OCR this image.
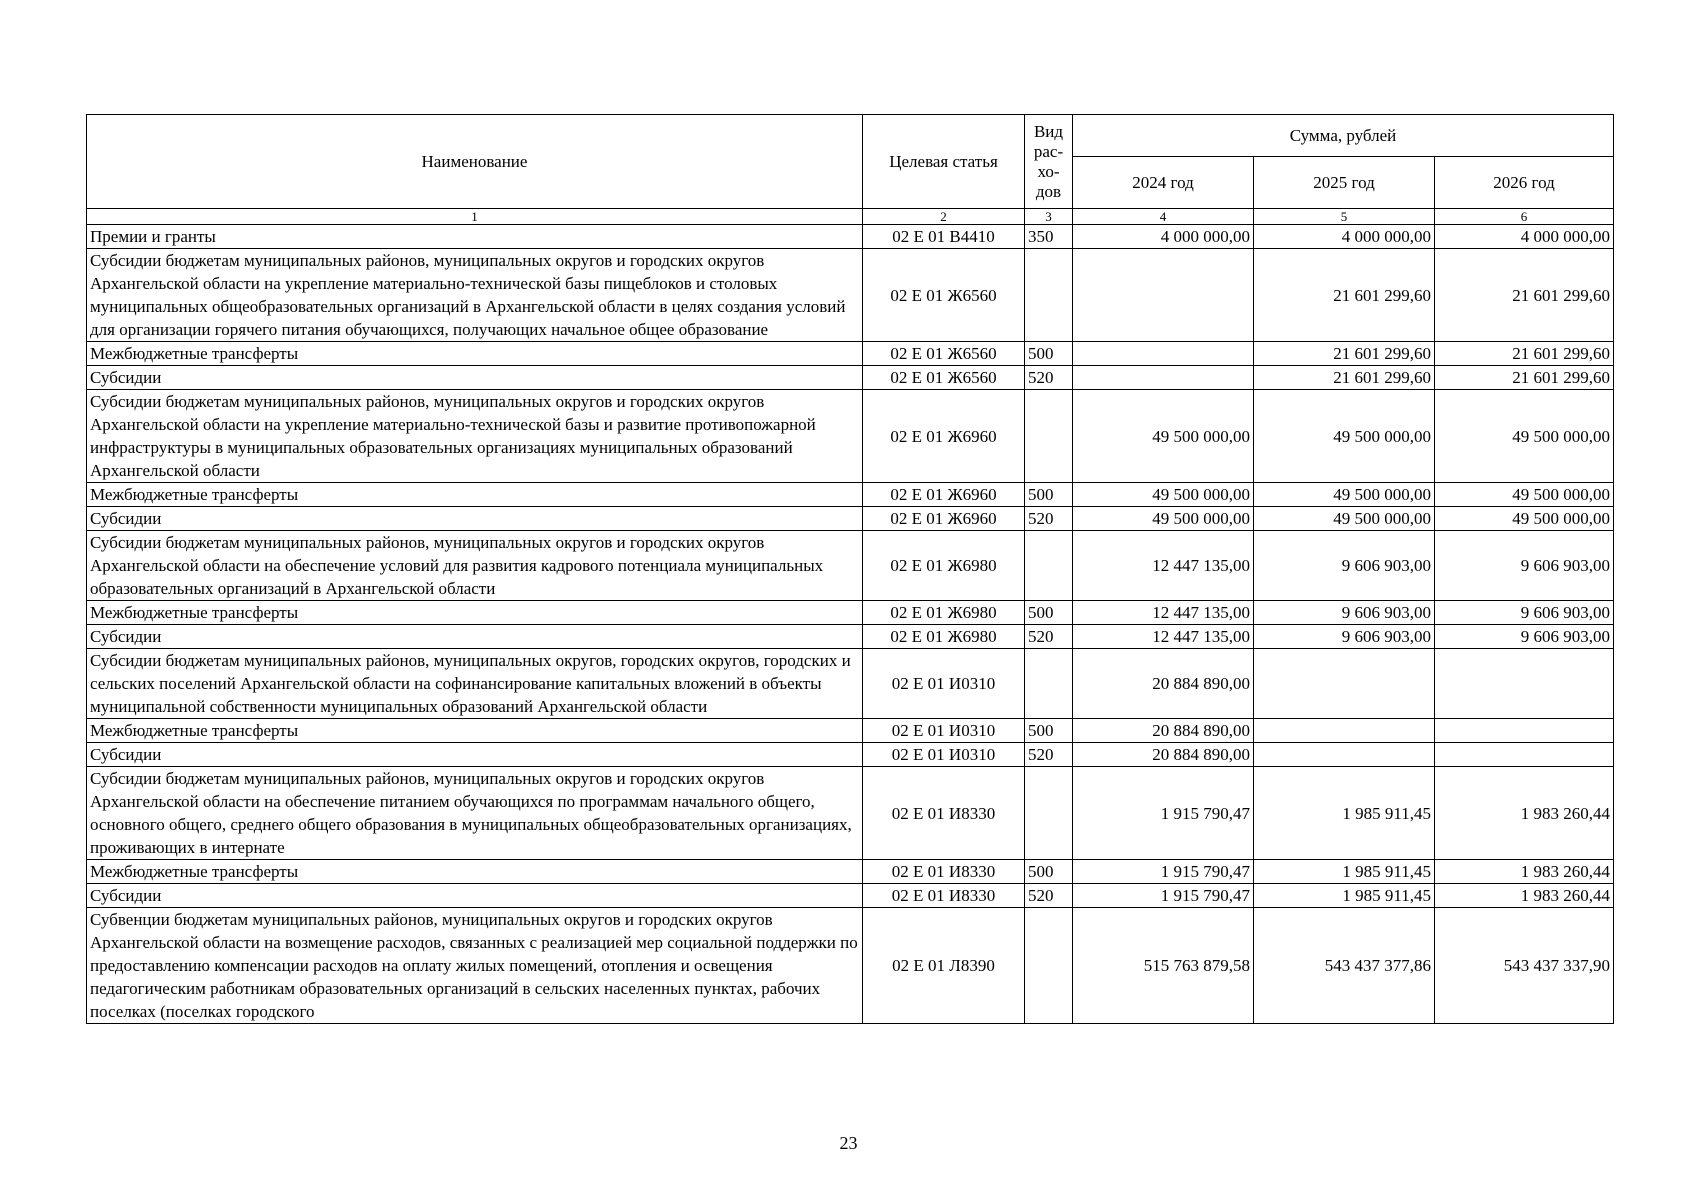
Наименование	Целевая статья	Вид рас-хо-дов	Сумма, рублей		
			2024 год	2025 год	2026 год
1	2	3	4	5	6
Премии и гранты	02 Е 01 В4410	350	4 000 000,00	4 000 000,00	4 000 000,00
Субсидии бюджетам муниципальных районов, муниципальных округов и городских округов Архангельской области на укрепление материально-технической базы пищеблоков и столовых муниципальных общеобразовательных организаций в Архангельской области в целях создания условий для организации горячего питания обучающихся, получающих начальное общее образование	02 Е 01 Ж6560			21 601 299,60	21 601 299,60
Межбюджетные трансферты	02 Е 01 Ж6560	500		21 601 299,60	21 601 299,60
Субсидии	02 Е 01 Ж6560	520		21 601 299,60	21 601 299,60
Субсидии бюджетам муниципальных районов, муниципальных округов и городских округов Архангельской области на укрепление материально-технической базы и развитие противопожарной инфраструктуры в муниципальных образовательных организациях муниципальных образований Архангельской области	02 Е 01 Ж6960		49 500 000,00	49 500 000,00	49 500 000,00
Межбюджетные трансферты	02 Е 01 Ж6960	500	49 500 000,00	49 500 000,00	49 500 000,00
Субсидии	02 Е 01 Ж6960	520	49 500 000,00	49 500 000,00	49 500 000,00
Субсидии бюджетам муниципальных районов, муниципальных округов и городских округов Архангельской области на обеспечение условий для развития кадрового потенциала муниципальных образовательных организаций в Архангельской области	02 Е 01 Ж6980		12 447 135,00	9 606 903,00	9 606 903,00
Межбюджетные трансферты	02 Е 01 Ж6980	500	12 447 135,00	9 606 903,00	9 606 903,00
Субсидии	02 Е 01 Ж6980	520	12 447 135,00	9 606 903,00	9 606 903,00
Субсидии бюджетам муниципальных районов, муниципальных округов, городских округов, городских и сельских поселений Архангельской области на софинансирование капитальных вложений в объекты муниципальной собственности муниципальных образований Архангельской области	02 Е 01 И0310		20 884 890,00		
Межбюджетные трансферты	02 Е 01 И0310	500	20 884 890,00		
Субсидии	02 Е 01 И0310	520	20 884 890,00		
Субсидии бюджетам муниципальных районов, муниципальных округов и городских округов Архангельской области на обеспечение питанием обучающихся по программам начального общего, основного общего, среднего общего образования в муниципальных общеобразовательных организациях, проживающих в интернате	02 Е 01 И8330		1 915 790,47	1 985 911,45	1 983 260,44
Межбюджетные трансферты	02 Е 01 И8330	500	1 915 790,47	1 985 911,45	1 983 260,44
Субсидии	02 Е 01 И8330	520	1 915 790,47	1 985 911,45	1 983 260,44
Субвенции бюджетам муниципальных районов, муниципальных округов и городских округов Архангельской области на возмещение расходов, связанных с реализацией мер социальной поддержки по предоставлению компенсации расходов на оплату жилых помещений, отопления и освещения педагогическим работникам образовательных организаций в сельских населенных пунктах, рабочих поселках (поселках городского	02 Е 01 Л8390		515 763 879,58	543 437 377,86	543 437 337,90
23
